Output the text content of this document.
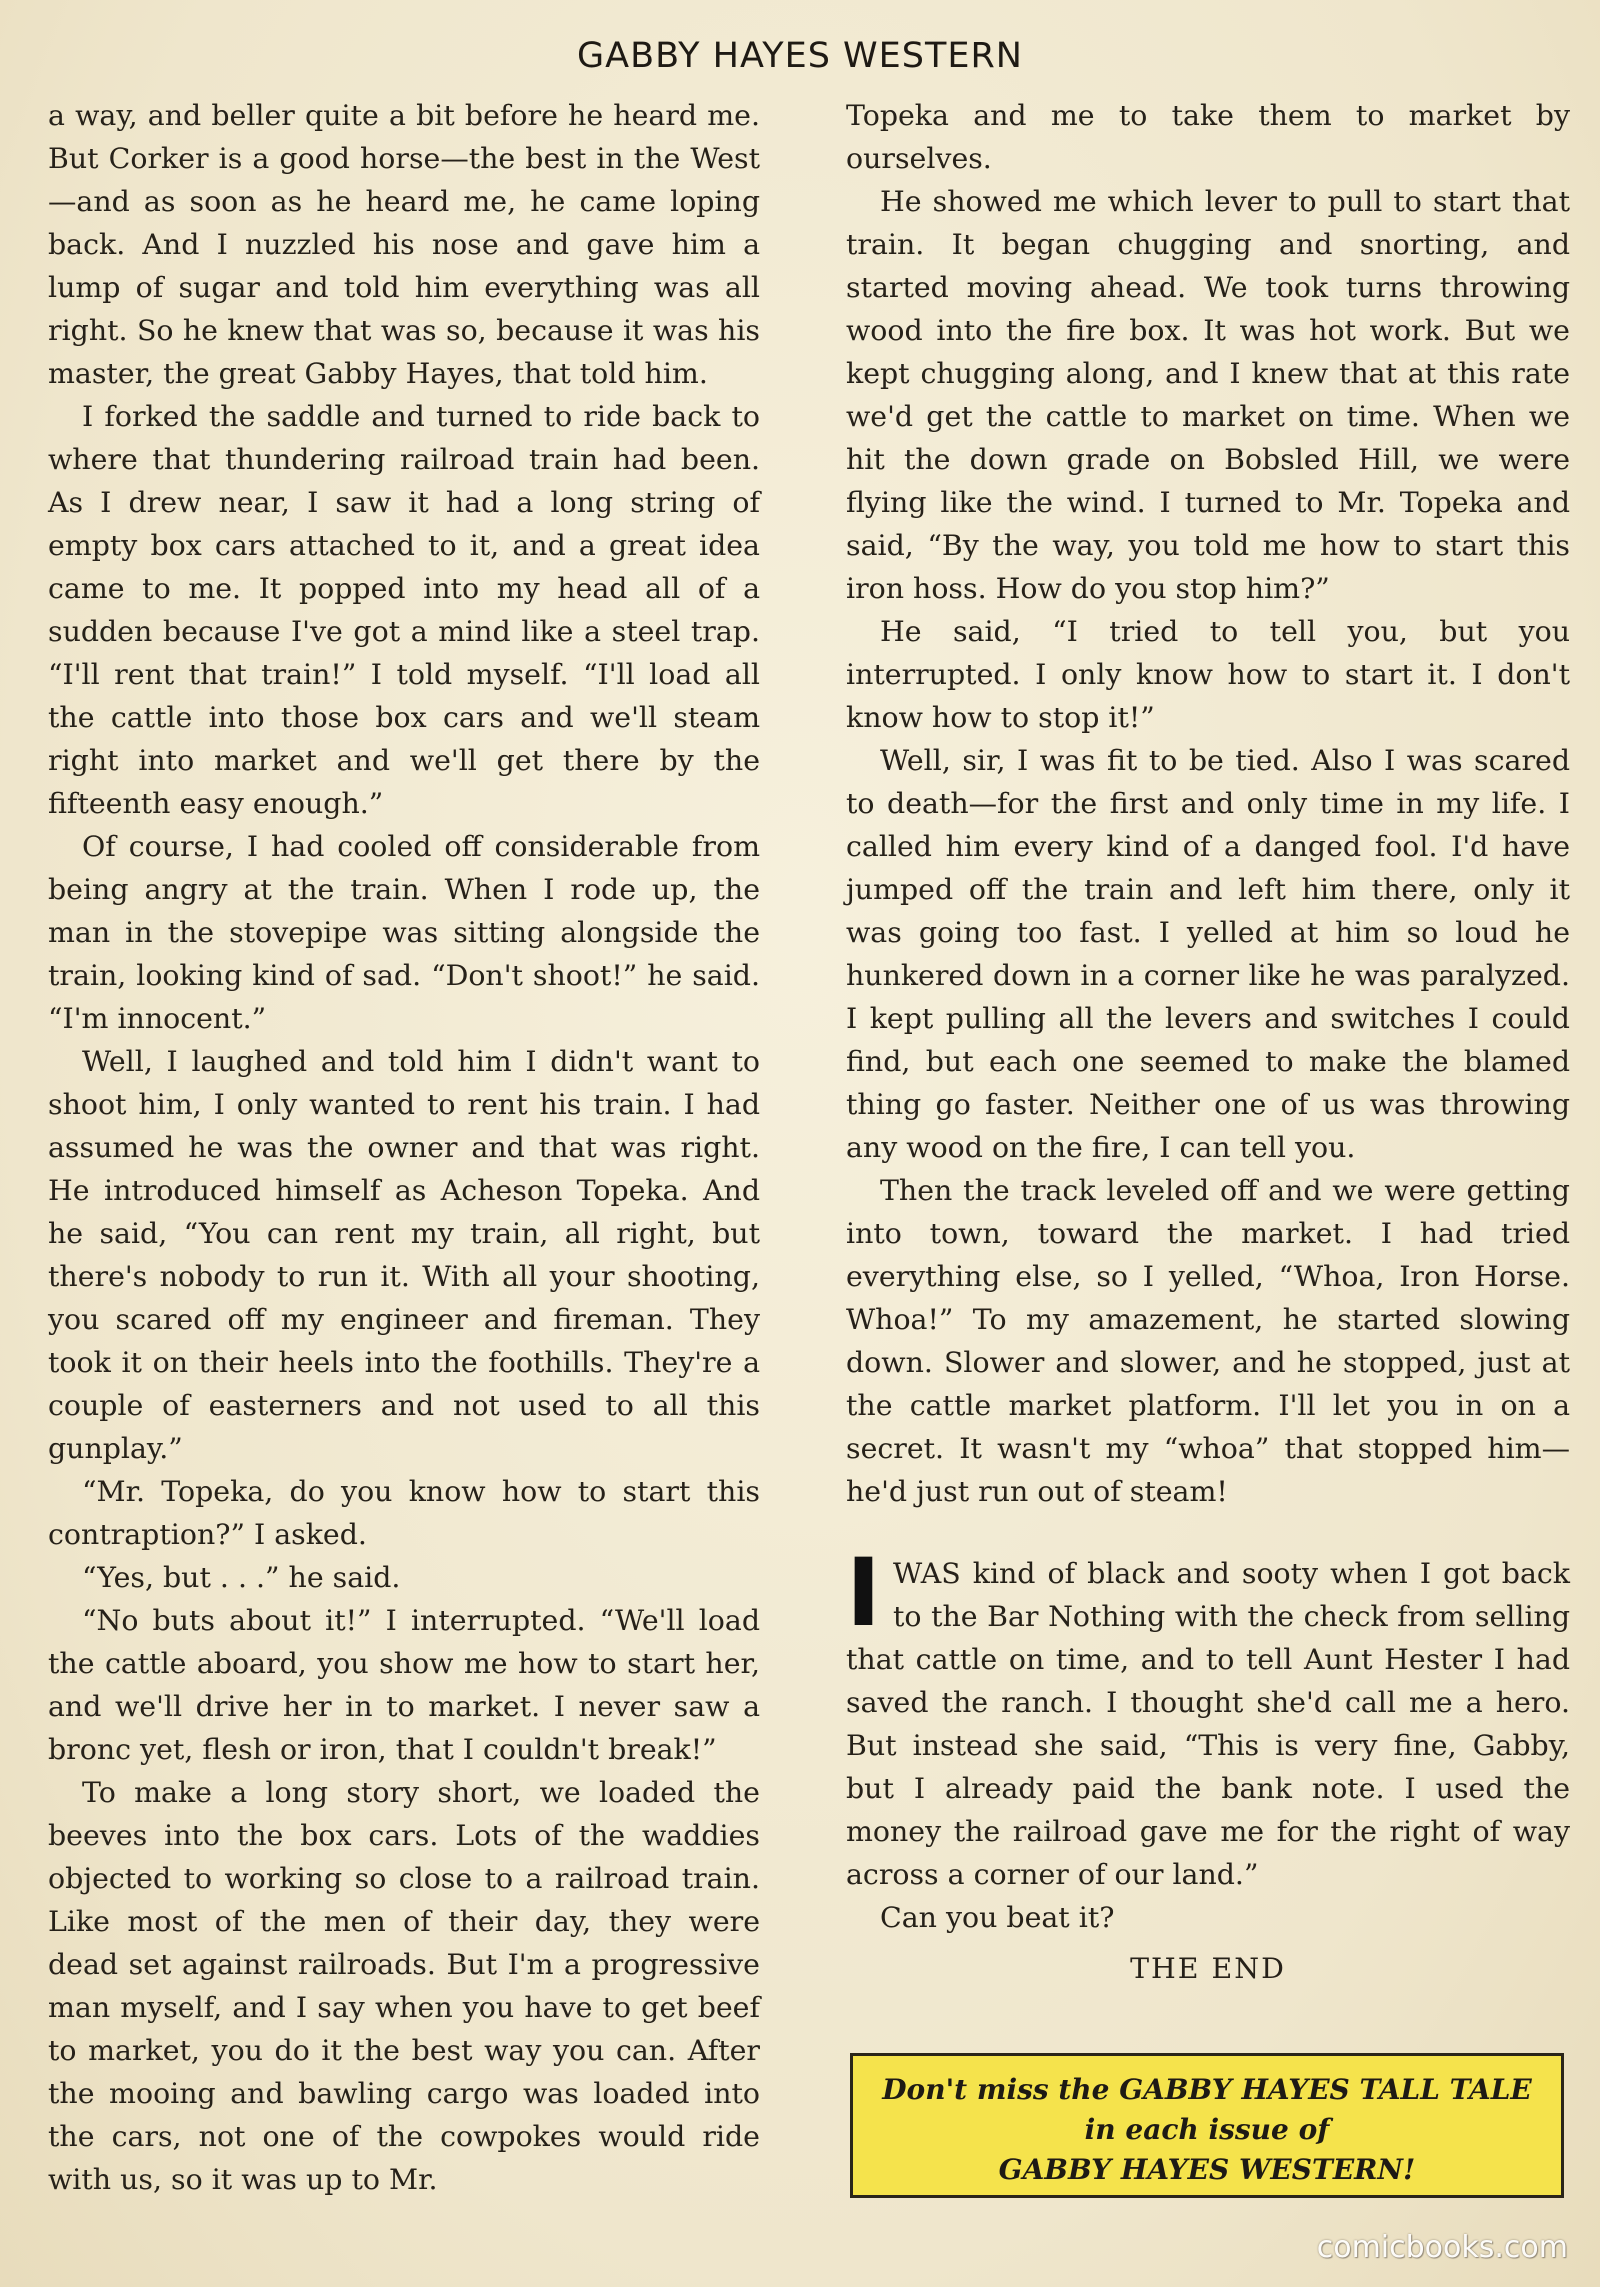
GABBY HAYES WESTERN

a way, and beller quite a bit before he heard me. But Corker is a good horse—the best in the West—and as soon as he heard me, he came loping back. And I nuzzled his nose and gave him a lump of sugar and told him everything was all right. So he knew that was so, because it was his master, the great Gabby Hayes, that told him.

I forked the saddle and turned to ride back to where that thundering railroad train had been. As I drew near, I saw it had a long string of empty box cars attached to it, and a great idea came to me. It popped into my head all of a sudden because I've got a mind like a steel trap. “I'll rent that train!” I told myself. “I'll load all the cattle into those box cars and we'll steam right into market and we'll get there by the fifteenth easy enough.”

Of course, I had cooled off considerable from being angry at the train. When I rode up, the man in the stovepipe was sitting alongside the train, looking kind of sad. “Don't shoot!” he said. “I'm innocent.”

Well, I laughed and told him I didn't want to shoot him, I only wanted to rent his train. I had assumed he was the owner and that was right. He introduced himself as Acheson Topeka. And he said, “You can rent my train, all right, but there's nobody to run it. With all your shooting, you scared off my engineer and fireman. They took it on their heels into the foothills. They're a couple of easterners and not used to all this gunplay.”

“Mr. Topeka, do you know how to start this contraption?” I asked.

“Yes, but . . .” he said.

“No buts about it!” I interrupted. “We'll load the cattle aboard, you show me how to start her, and we'll drive her in to market. I never saw a bronc yet, flesh or iron, that I couldn't break!”

To make a long story short, we loaded the beeves into the box cars. Lots of the waddies objected to working so close to a railroad train. Like most of the men of their day, they were dead set against railroads. But I'm a progressive man myself, and I say when you have to get beef to market, you do it the best way you can. After the mooing and bawling cargo was loaded into the cars, not one of the cowpokes would ride with us, so it was up to Mr.

Topeka and me to take them to market by ourselves.

He showed me which lever to pull to start that train. It began chugging and snorting, and started moving ahead. We took turns throwing wood into the fire box. It was hot work. But we kept chugging along, and I knew that at this rate we'd get the cattle to market on time. When we hit the down grade on Bobsled Hill, we were flying like the wind. I turned to Mr. Topeka and said, “By the way, you told me how to start this iron hoss. How do you stop him?”

He said, “I tried to tell you, but you interrupted. I only know how to start it. I don't know how to stop it!”

Well, sir, I was fit to be tied. Also I was scared to death—for the first and only time in my life. I called him every kind of a danged fool. I'd have jumped off the train and left him there, only it was going too fast. I yelled at him so loud he hunkered down in a corner like he was paralyzed. I kept pulling all the levers and switches I could find, but each one seemed to make the blamed thing go faster. Neither one of us was throwing any wood on the fire, I can tell you.

Then the track leveled off and we were getting into town, toward the market. I had tried everything else, so I yelled, “Whoa, Iron Horse. Whoa!” To my amazement, he started slowing down. Slower and slower, and he stopped, just at the cattle market platform. I'll let you in on a secret. It wasn't my “whoa” that stopped him—he'd just run out of steam!

I WAS kind of black and sooty when I got back to the Bar Nothing with the check from selling that cattle on time, and to tell Aunt Hester I had saved the ranch. I thought she'd call me a hero. But instead she said, “This is very fine, Gabby, but I already paid the bank note. I used the money the railroad gave me for the right of way across a corner of our land.”

Can you beat it?

THE END

Don't miss the GABBY HAYES TALL TALE
in each issue of
GABBY HAYES WESTERN!
comicbooks.com
